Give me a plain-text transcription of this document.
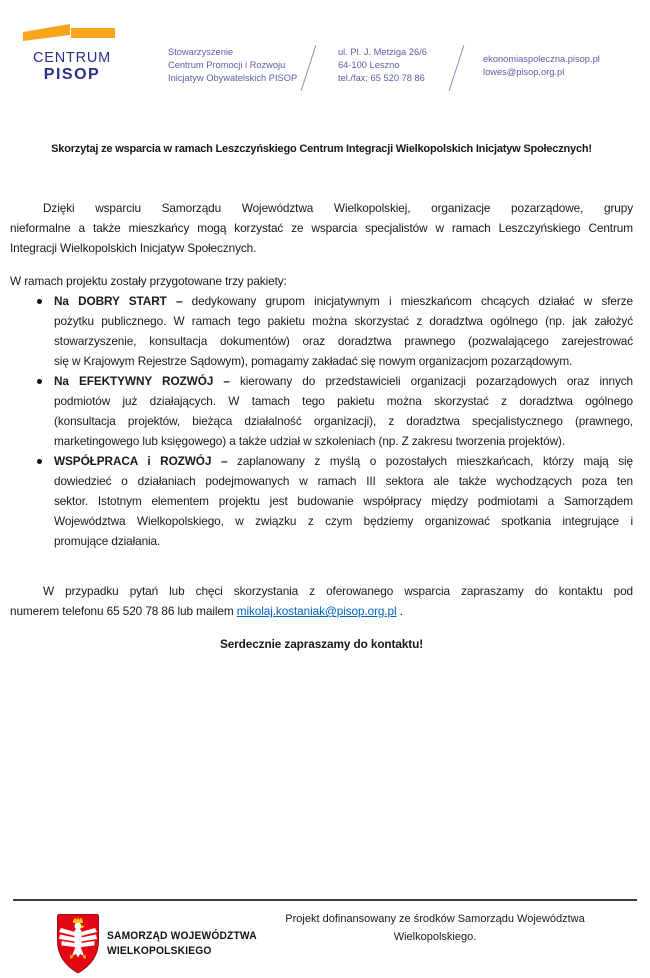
CENTRUM
PISOP
Stowarzyszenie
Centrum Promocji i Rozwoju
Inicjatyw Obywatelskich PISOP
ul. Pl. J. Metziga 26/6
64-100 Leszno
tel./fax: 65 520 78 86
ekonomiaspoleczna.pisop.pl
lowes@pisop.org.pl
Skorzytaj ze wsparcia w ramach Leszczyńskiego Centrum Integracji Wielkopolskich Inicjatyw Społecznych!
Dzięki wsparciu Samorządu Województwa Wielkopolskiej, organizacje pozarządowe, grupy
nieformalne a także mieszkańcy mogą korzystać ze wsparcia specjalistów w ramach Leszczyńskiego Centrum
Integracji Wielkopolskich Inicjatyw Społecznych.
W ramach projektu zostały przygotowane trzy pakiety:
Na DOBRY START – dedykowany grupom inicjatywnym i mieszkańcom chcących działać w sferze
pożytku publicznego. W ramach tego pakietu można skorzystać z doradztwa ogólnego (np. jak założyć
stowarzyszenie, konsultacja dokumentów) oraz doradztwa prawnego (pozwalającego zarejestrować
się w Krajowym Rejestrze Sądowym), pomagamy zakładać się nowym organizacjom pozarządowym.
Na EFEKTYWNY ROZWÓJ – kierowany do przedstawicieli organizacji pozarządowych oraz innych
podmiotów już działających. W tamach tego pakietu można skorzystać z doradztwa ogólnego
(konsultacja projektów, bieżąca działalność organizacji), z doradztwa specjalistycznego (prawnego,
marketingowego lub księgowego) a także udział w szkoleniach (np. Z zakresu tworzenia projektów).
WSPÓŁPRACA i ROZWÓJ – zaplanowany z myślą o pozostałych mieszkańcach, którzy mają się
dowiedzieć o działaniach podejmowanych w ramach III sektora ale także wychodzących poza ten
sektor. Istotnym elementem projektu jest budowanie współpracy między podmiotami a Samorządem
Województwa Wielkopolskiego, w związku z czym będziemy organizować spotkania integrujące i
promujące działania.
W przypadku pytań lub chęci skorzystania z oferowanego wsparcia zapraszamy do kontaktu pod
numerem telefonu 65 520 78 86 lub mailem mikolaj.kostaniak@pisop.org.pl .
Serdecznie zapraszamy do kontaktu!
SAMORZĄD WOJEWÓDZTWA
WIELKOPOLSKIEGO
Projekt dofinansowany ze środków Samorządu Województwa
Wielkopolskiego.
